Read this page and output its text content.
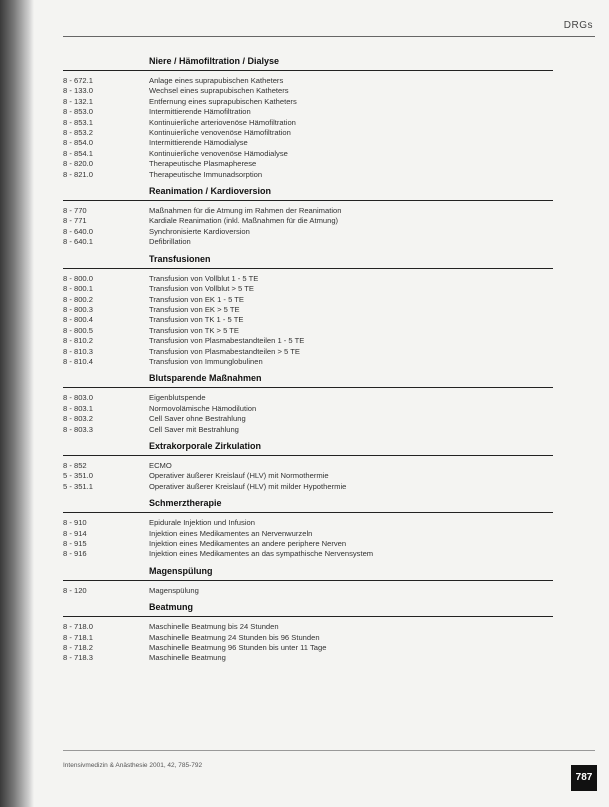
DRGs
Niere / Hämofiltration / Dialyse
8 - 672.1	Anlage eines suprapubischen Katheters
8 - 133.0	Wechsel eines suprapubischen Katheters
8 - 132.1	Entfernung eines suprapubischen Katheters
8 - 853.0	Intermittierende Hämofiltration
8 - 853.1	Kontinuierliche arteriovenöse Hämofiltration
8 - 853.2	Kontinuierliche venovenöse Hämofiltration
8 - 854.0	Intermittierende Hämodialyse
8 - 854.1	Kontinuierliche venovenöse Hämodialyse
8 - 820.0	Therapeutische Plasmapherese
8 - 821.0	Therapeutische Immunadsorption
Reanimation / Kardioversion
8 - 770	Maßnahmen für die Atmung im Rahmen der Reanimation
8 - 771	Kardiale Reanimation (inkl. Maßnahmen für die Atmung)
8 - 640.0	Synchronisierte Kardioversion
8 - 640.1	Defibrillation
Transfusionen
8 - 800.0	Transfusion von Vollblut 1 - 5 TE
8 - 800.1	Transfusion von Vollblut > 5 TE
8 - 800.2	Transfusion von EK 1 - 5 TE
8 - 800.3	Transfusion von EK > 5 TE
8 - 800.4	Transfusion von TK 1 - 5 TE
8 - 800.5	Transfusion von TK > 5 TE
8 - 810.2	Transfusion von Plasmabestandteilen 1 - 5 TE
8 - 810.3	Transfusion von Plasmabestandteilen > 5 TE
8 - 810.4	Transfusion von Immunglobulinen
Blutsparende Maßnahmen
8 - 803.0	Eigenblutspende
8 - 803.1	Normovolämische Hämodilution
8 - 803.2	Cell Saver ohne Bestrahlung
8 - 803.3	Cell Saver mit Bestrahlung
Extrakorporale Zirkulation
8 - 852	ECMO
5 - 351.0	Operativer äußerer Kreislauf (HLV) mit Normothermie
5 - 351.1	Operativer äußerer Kreislauf (HLV) mit milder Hypothermie
Schmerztherapie
8 - 910	Epidurale Injektion und Infusion
8 - 914	Injektion eines Medikamentes an Nervenwurzeln
8 - 915	Injektion eines Medikamentes an andere periphere Nerven
8 - 916	Injektion eines Medikamentes an das sympathische Nervensystem
Magenspülung
8 - 120	Magenspülung
Beatmung
8 - 718.0	Maschinelle Beatmung bis 24 Stunden
8 - 718.1	Maschinelle Beatmung 24 Stunden bis 96 Stunden
8 - 718.2	Maschinelle Beatmung 96 Stunden bis unter 11 Tage
8 - 718.3	Maschinelle Beatmung
Intensivmedizin & Anästhesie 2001, 42, 785-792
787
